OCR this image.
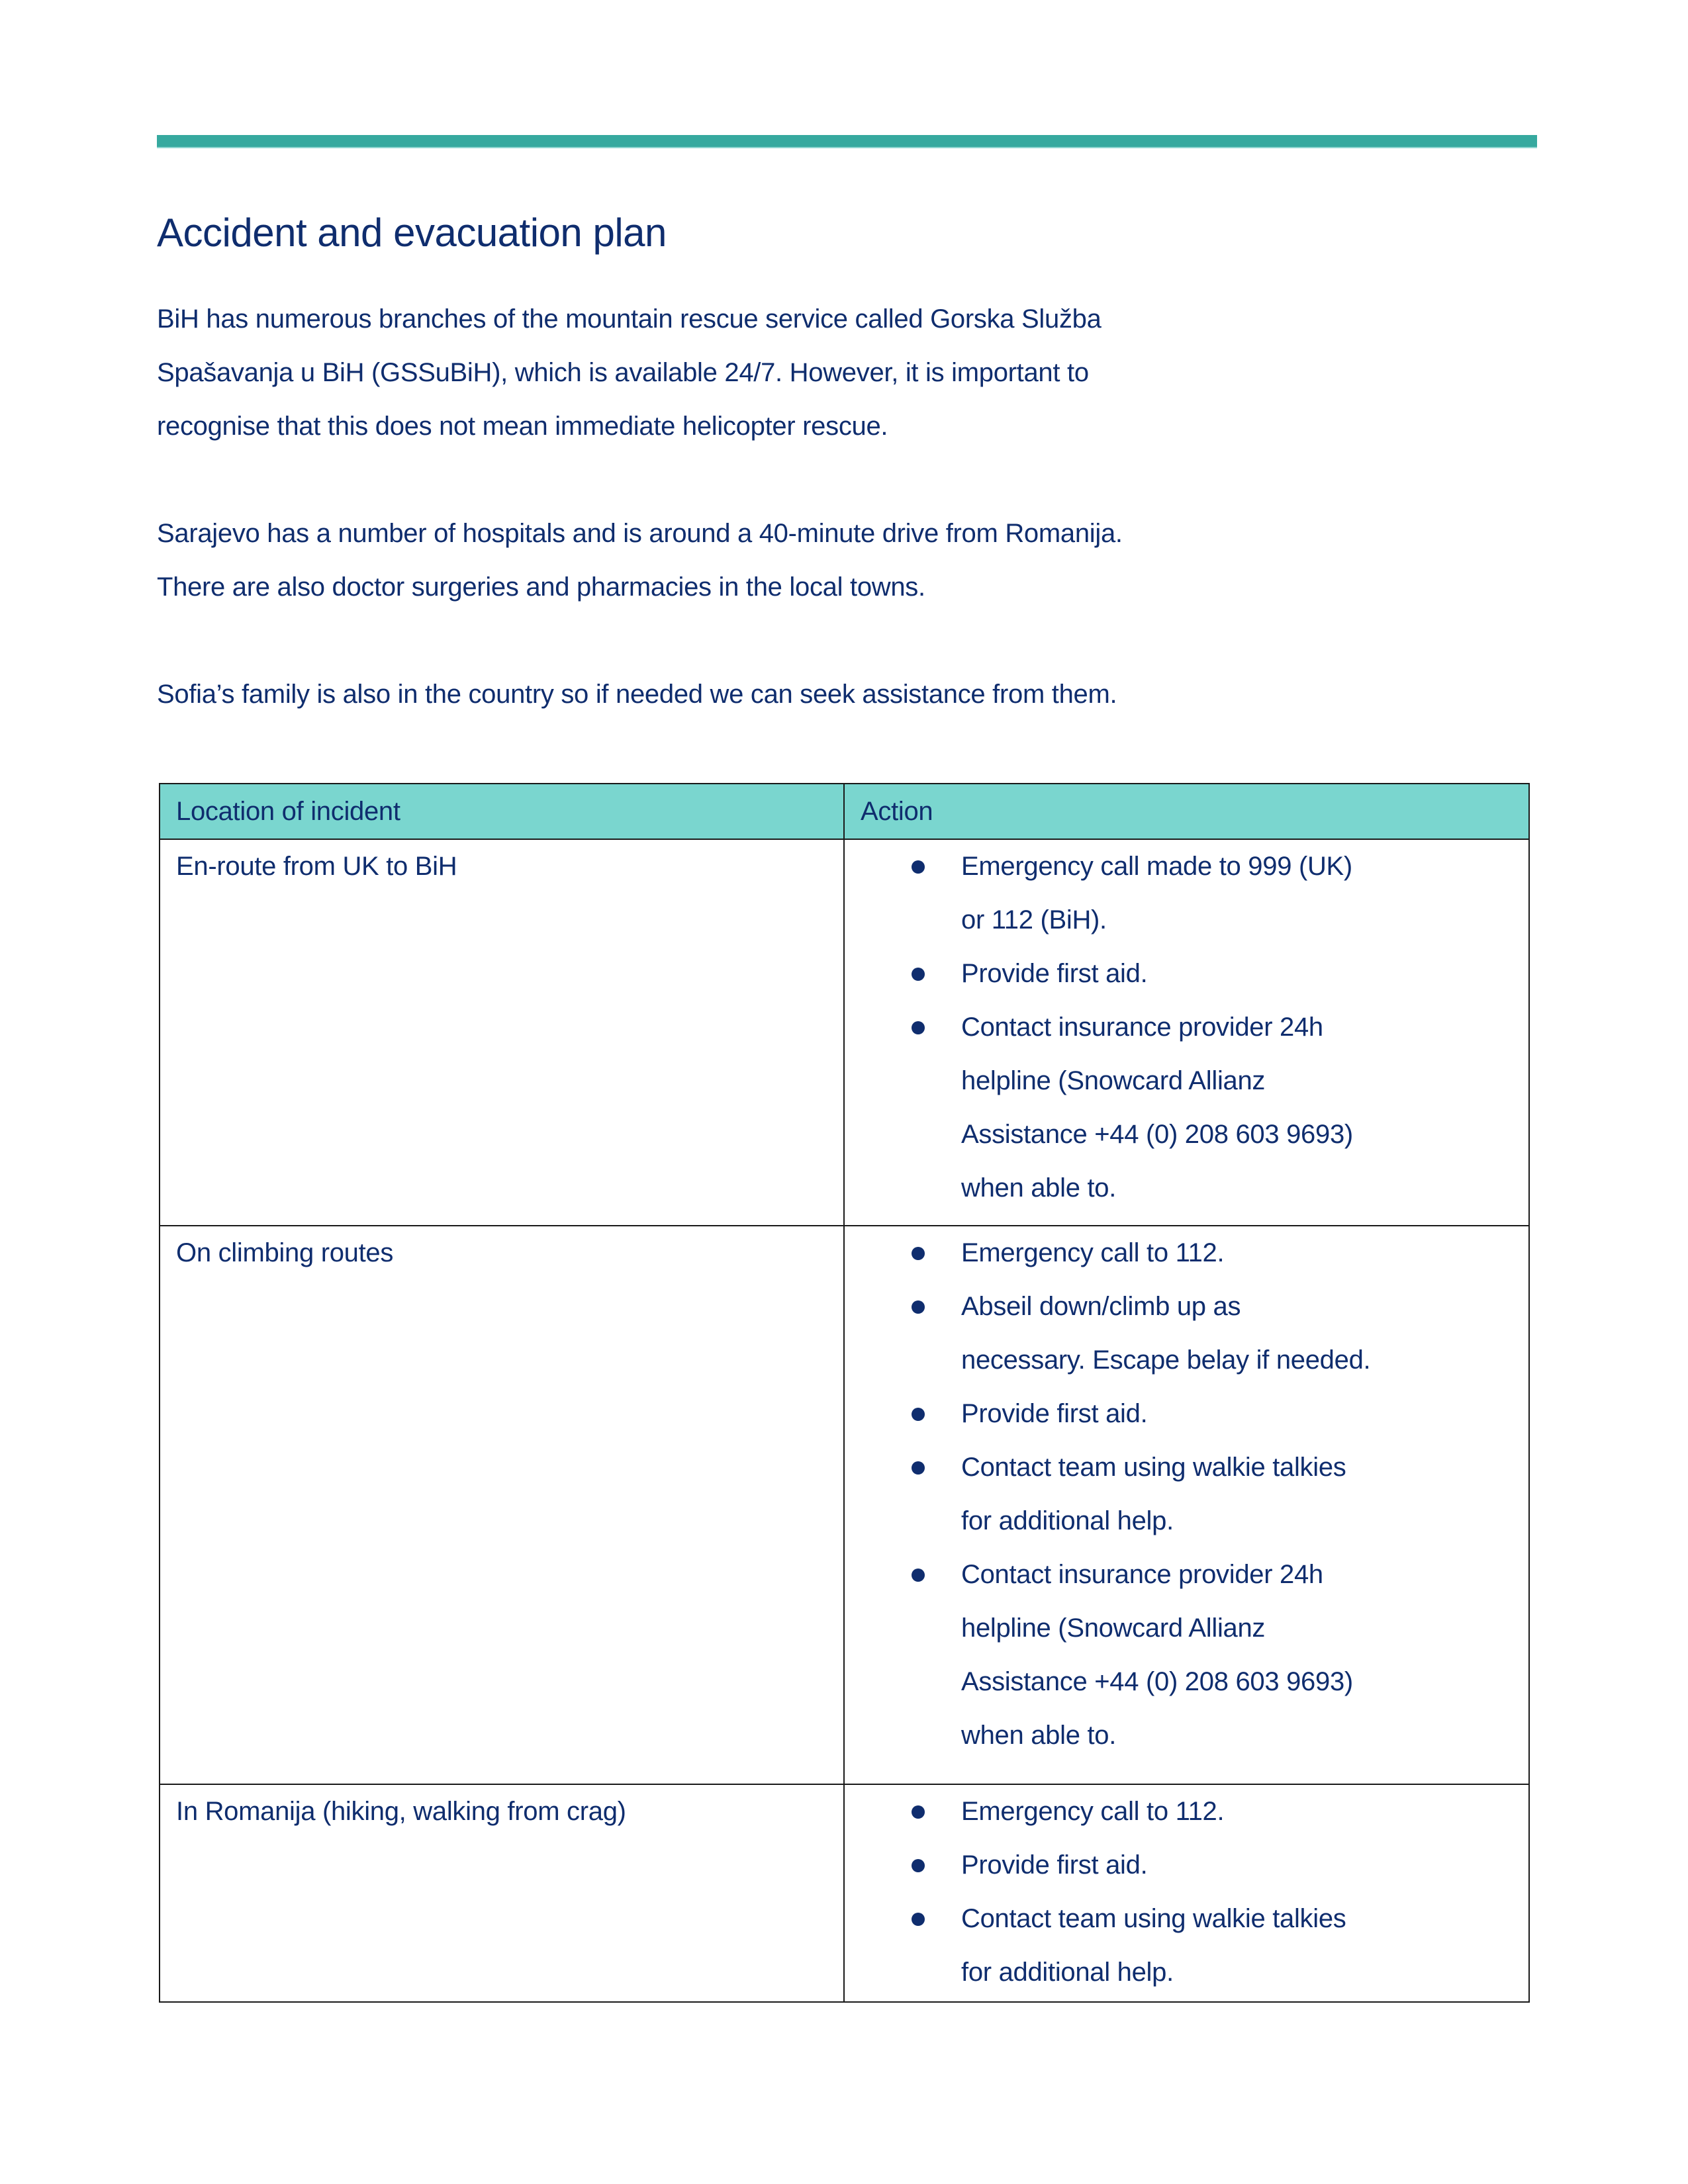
Accident and evacuation plan
BiH has numerous branches of the mountain rescue service called Gorska Služba
Spašavanja u BiH (GSSuBiH), which is available 24/7. However, it is important to
recognise that this does not mean immediate helicopter rescue.
Sarajevo has a number of hospitals and is around a 40-minute drive from Romanija.
There are also doctor surgeries and pharmacies in the local towns.
Sofia’s family is also in the country so if needed we can seek assistance from them.
Location of incident	Action

En-route from UK to BiH	Emergency call made to 999 (UK)
or 112 (BiH).
Provide first aid.
Contact insurance provider 24h
helpline (Snowcard Allianz
Assistance +44 (0) 208 603 9693)
when able to.

On climbing routes	Emergency call to 112.
Abseil down/climb up as
necessary. Escape belay if needed.
Provide first aid.
Contact team using walkie talkies
for additional help.
Contact insurance provider 24h
helpline (Snowcard Allianz
Assistance +44 (0) 208 603 9693)
when able to.

In Romanija (hiking, walking from crag)	Emergency call to 112.
Provide first aid.
Contact team using walkie talkies
for additional help.
